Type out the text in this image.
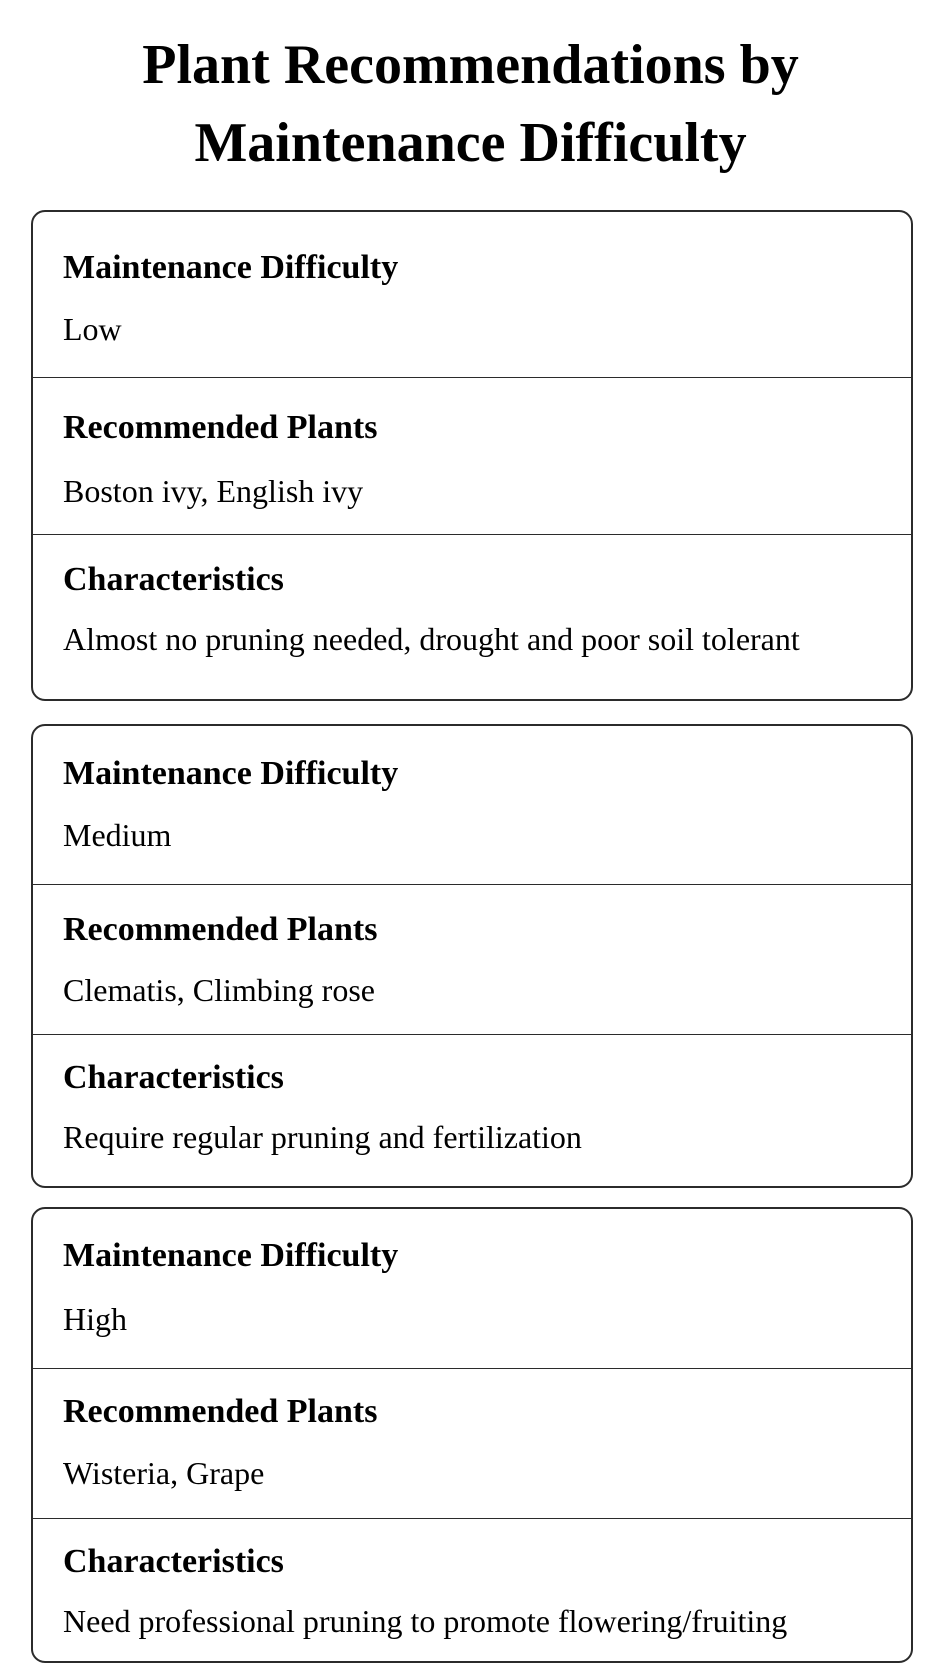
Plant Recommendations by
Maintenance Difficulty
Maintenance Difficulty
Low
Recommended Plants
Boston ivy, English ivy
Characteristics
Almost no pruning needed, drought and poor soil tolerant
Maintenance Difficulty
Medium
Recommended Plants
Clematis, Climbing rose
Characteristics
Require regular pruning and fertilization
Maintenance Difficulty
High
Recommended Plants
Wisteria, Grape
Characteristics
Need professional pruning to promote flowering/fruiting
